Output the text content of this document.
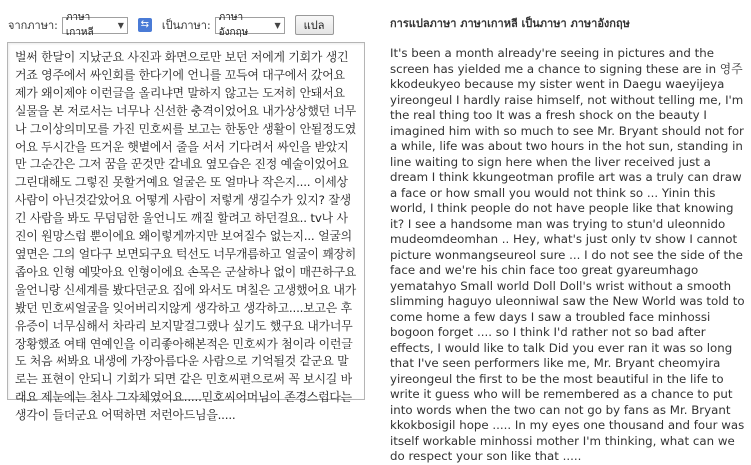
จากภาษา:
ภาษาเกาหลี
▼ ⇆ เป็นภาษา:
ภาษาอังกฤษ
▼	แปล
벌써 한달이 지났군요 사진과 화면으로만 보던 저에게 기회가 생긴거죠 영주에서 싸인회를 한다기에 언니를 꼬득여 대구에서 갔어요 제가 왜이제야 이런글을 올리냐면 말하지 않고는 도저히 안돼서요 실물을 본 저로서는 너무나 신선한 충격이었어요 내가상상했던 너무나 그이상의미모를 가진 민호씨를 보고는 한동안 생활이 안될정도였어요 두시간을 뜨거운 햇볕에서 줄을 서서 기다려서 싸인을 받았지만 그순간은 그저 꿈을 꾼것만 같네요 옆모습은 진정 예술이었어요 그린대해도 그렇진 못할거예요 얼굴은 또 얼마나 작은지.... 이세상 사람이 아닌것같았어요 어떻게 사람이 저렇게 생길수가 있지? 잘생긴 사람을 봐도 무덤덤한 울언니도 깨질 할려고 하던걸요.. tv나 사진이 원망스럽 뿐이에요 왜이렇게까지만 보여질수 없는지... 얼굴의 옆면은 그의 얼다구 보면되구요 턱선도 너무개름하고 얼굴이 꽤장히 좁아요 인형 예맞아요 인형이에요 손목은 군살하나 없이 매끈하구요 울언니랑 신세계를 봤다던군요 집에 와서도 며칠은 고생했어요 내가봤던 민호씨얼굴을 잊어버리지않게 생각하고 생각하고....보고은 후유증이 너무심해서 차라리 보지말걸그랬나 싶기도 했구요 내가너무 장황했죠 여태 연예인을 이리좋아해본적은 민호씨가 첨이라 이런글도 처음 써봐요 내생에 가장아름다운 사람으로 기억될것 같군요 말로는 표현이 안되니 기회가 되면 같은 민호씨편으로써 꼭 보시길 바래요 제눈에는 천사 그자체였어요.....민호씨어머님이 존경스럽다는 생각이 들더군요 어떡하면 저런아드님을.....
การแปลภาษา ภาษาเกาหลี เป็นภาษา ภาษาอังกฤษ
It's been a month already're seeing in pictures and the screen has yielded me a chance to signing these are in 영주 kkodeukyeo because my sister went in Daegu waeyijeya yireongeul I hardly raise himself, not without telling me, I'm the real thing too It was a fresh shock on the beauty I imagined him with so much to see Mr. Bryant should not for a while, life was about two hours in the hot sun, standing in line waiting to sign here when the liver received just a dream I think kkungeotman profile art was a truly can draw a face or how small you would not think so ... Yinin this world, I think people do not have people like that knowing it? I see a handsome man was trying to stun'd uleonnido mudeomdeomhan .. Hey, what's just only tv show I cannot picture wonmangseureol sure ... I do not see the side of the face and we're his chin face too great gyareumhago yematahyo Small world Doll Doll's wrist without a smooth slimming haguyo uleonniwal saw the New World was told to come home a few days I saw a troubled face minhossi bogoon forget .... so I think I'd rather not so bad after effects, I would like to talk Did you ever ran it was so long that I've seen performers like me, Mr. Bryant cheomyira yireongeul the first to be the most beautiful in the life to write it guess who will be remembered as a chance to put into words when the two can not go by fans as Mr. Bryant kkokbosigil hope ..... In my eyes one thousand and four was itself workable minhossi mother I'm thinking, what can we do respect your son like that .....
